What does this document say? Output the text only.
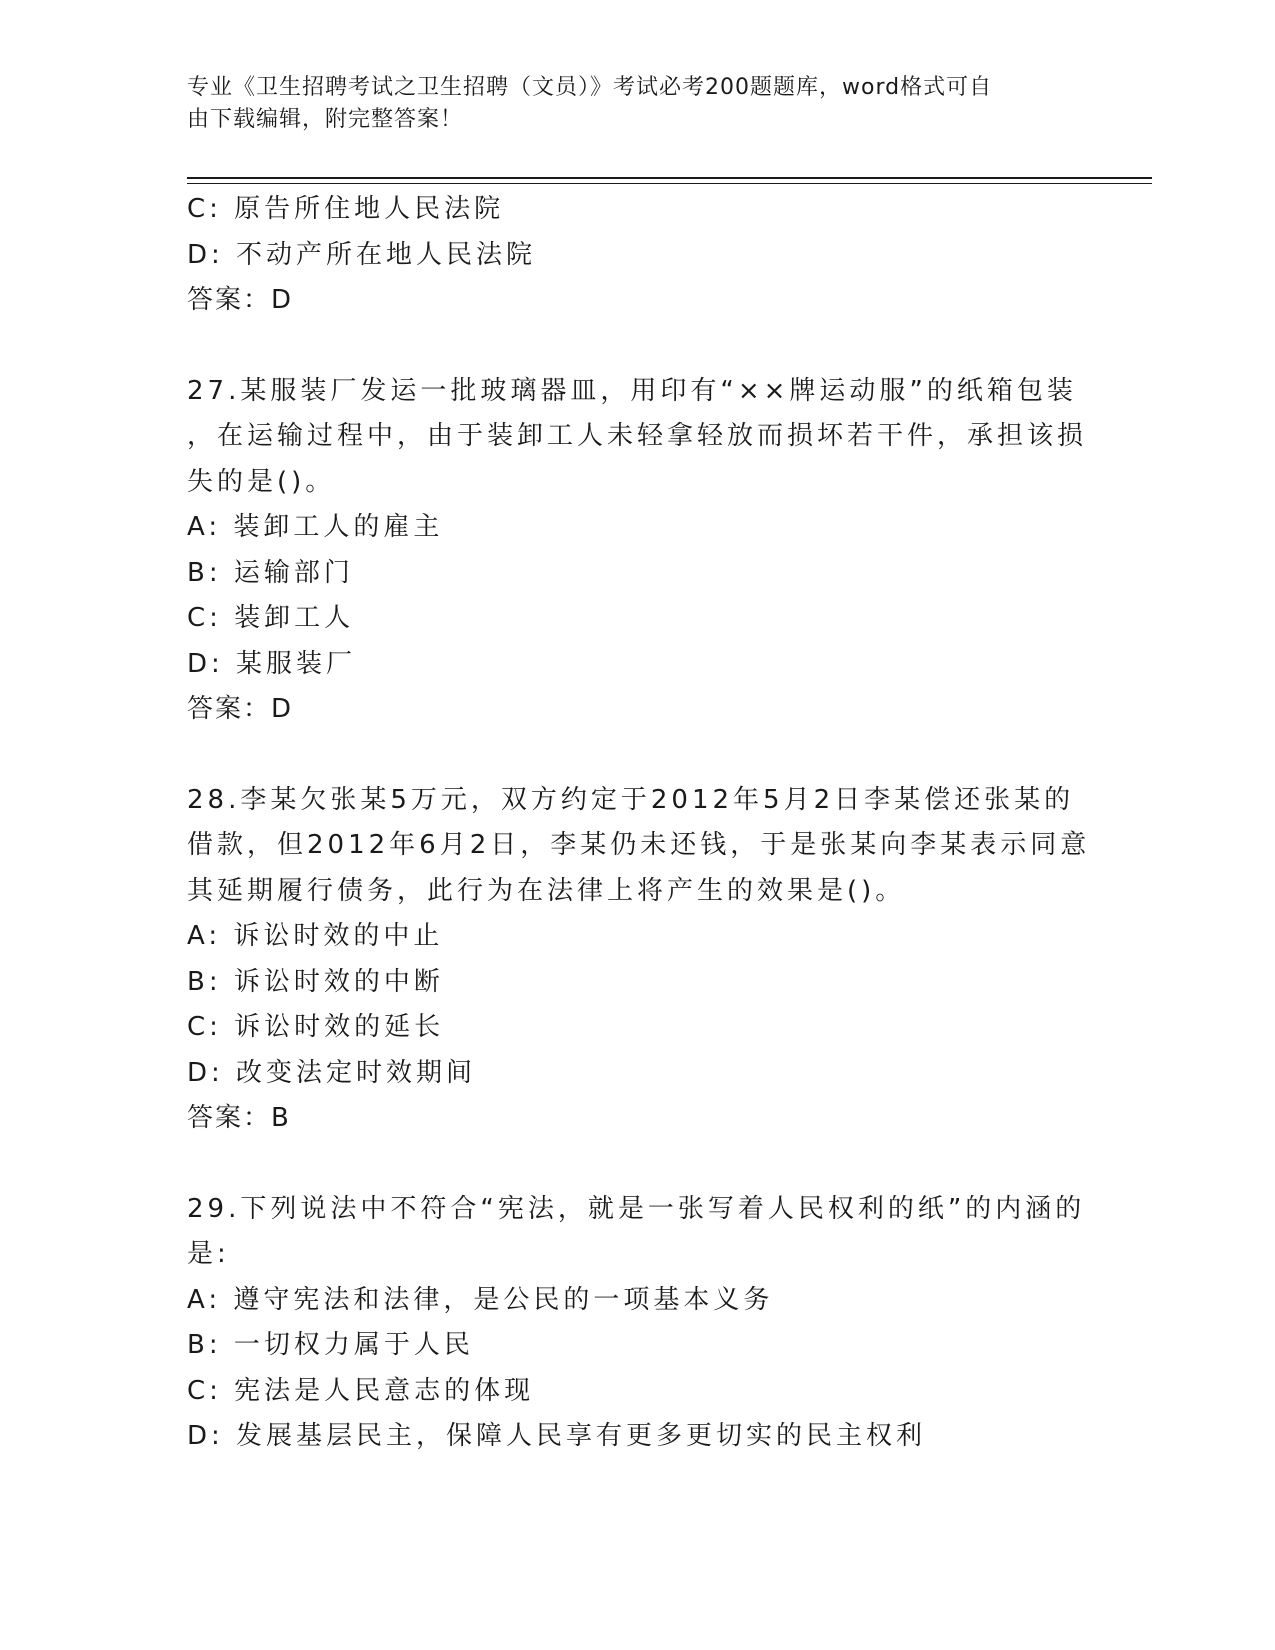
专业《卫生招聘考试之卫生招聘（文员）》考试必考200题题库，word格式可自
由下载编辑，附完整答案！

C: 原告所住地人民法院

D: 不动产所在地人民法院

答案：D

27.某服装厂发运一批玻璃器皿，用印有“××牌运动服”的纸箱包装

，在运输过程中，由于装卸工人未轻拿轻放而损坏若干件，承担该损

失的是()。

A: 装卸工人的雇主

B: 运输部门

C: 装卸工人

D: 某服装厂

答案：D

28.李某欠张某5万元，双方约定于2012年5月2日李某偿还张某的

借款，但2012年6月2日，李某仍未还钱，于是张某向李某表示同意

其延期履行债务，此行为在法律上将产生的效果是()。

A: 诉讼时效的中止

B: 诉讼时效的中断

C: 诉讼时效的延长

D: 改变法定时效期间

答案：B

29.下列说法中不符合“宪法，就是一张写着人民权利的纸”的内涵的

是:

A: 遵守宪法和法律，是公民的一项基本义务

B: 一切权力属于人民

C: 宪法是人民意志的体现

D: 发展基层民主，保障人民享有更多更切实的民主权利
